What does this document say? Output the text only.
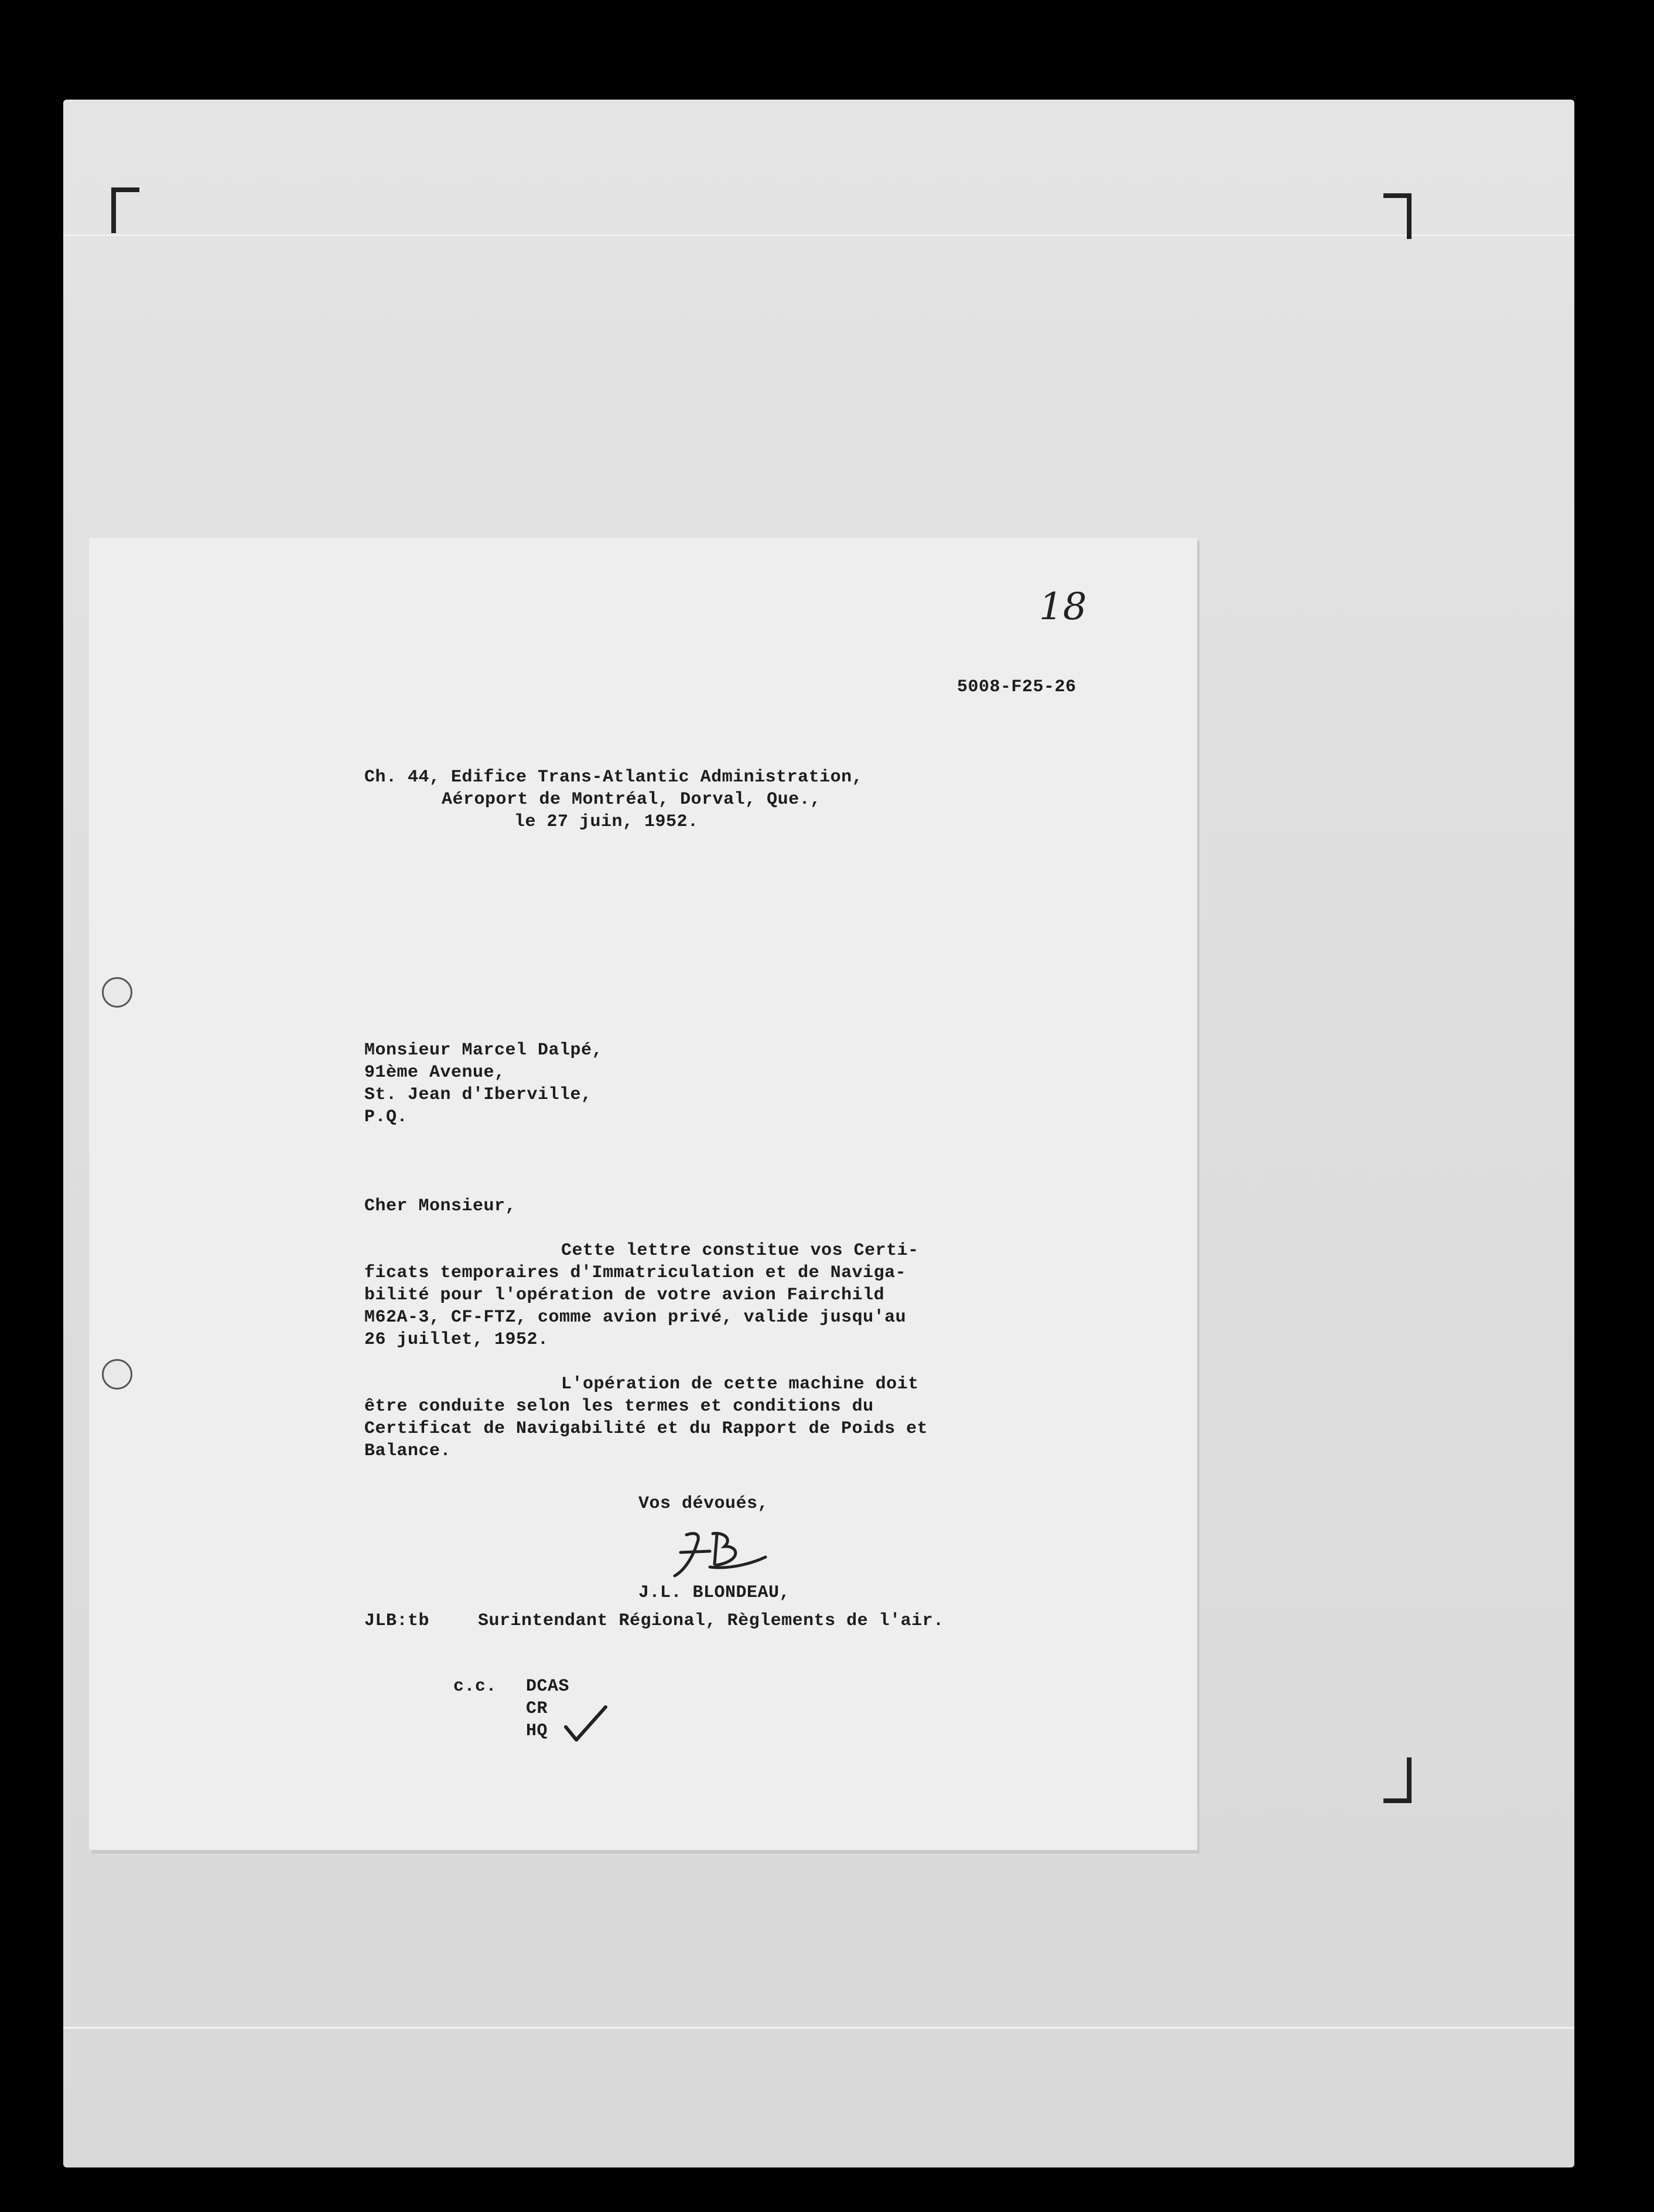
18
5008-F25-26
Ch. 44, Edifice Trans-Atlantic Administration,
Aéroport de Montréal, Dorval, Que.,
le 27 juin, 1952.
Monsieur Marcel Dalpé,
91ème Avenue,
St. Jean d'Iberville,
P.Q.
Cher Monsieur,
Cette lettre constitue vos Certi-
ficats temporaires d'Immatriculation et de Naviga-
bilité pour l'opération de votre avion Fairchild
M62A-3, CF-FTZ, comme avion privé, valide jusqu'au
26 juillet, 1952.
L'opération de cette machine doit
être conduite selon les termes et conditions du
Certificat de Navigabilité et du Rapport de Poids et
Balance.
Vos dévoués,
J.L. BLONDEAU,
JLB:tb	Surintendant Régional, Règlements de l'air.
c.c. DCAS
CR
HQ
